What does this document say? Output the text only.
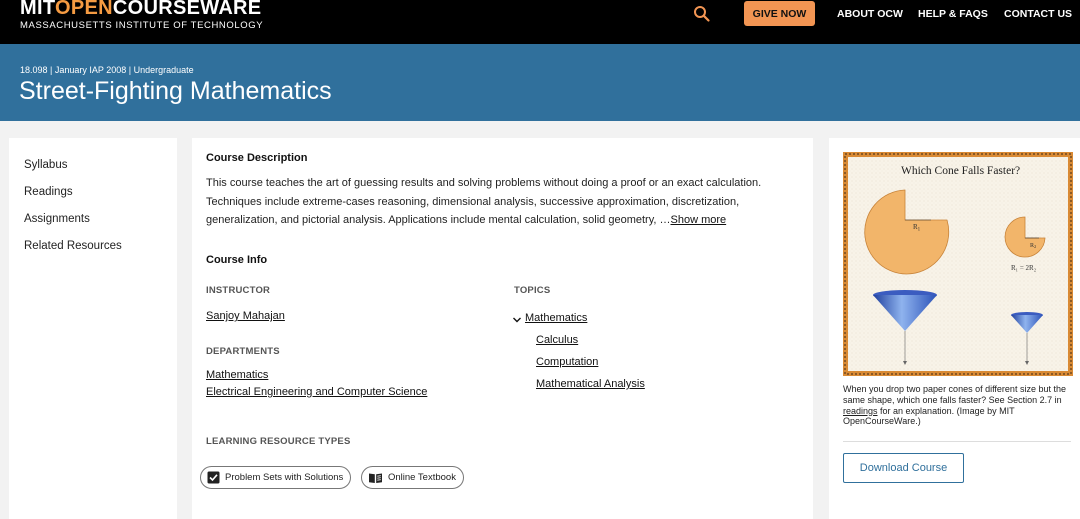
MITOPENCOURSEWARE
MASSACHUSETTS INSTITUTE OF TECHNOLOGY
GIVE NOW	ABOUT OCW HELP & FAQS CONTACT US
18.098 | January IAP 2008 | Undergraduate
Street-Fighting Mathematics
Syllabus
Readings
Assignments
Related Resources
Course Description

This course teaches the art of guessing results and solving problems without doing a proof or an exact calculation. Techniques include extreme-cases reasoning, dimensional analysis, successive approximation, discretization, generalization, and pictorial analysis. Applications include mental calculation, solid geometry, …Show more

Course Info
INSTRUCTOR
Sanjoy Mahajan
DEPARTMENTS
Mathematics
Electrical Engineering and Computer Science
TOPICS
Mathematics
Calculus
Computation
Mathematical Analysis
LEARNING RESOURCE TYPES
Problem Sets with Solutions	Online Textbook
Which Cone Falls Faster?
$R_1$
R2
R₁ = 2R₂

When you drop two paper cones of different size but the same shape, which one falls faster? See Section 2.7 in readings for an explanation. (Image by MIT OpenCourseWare.)

Download Course
